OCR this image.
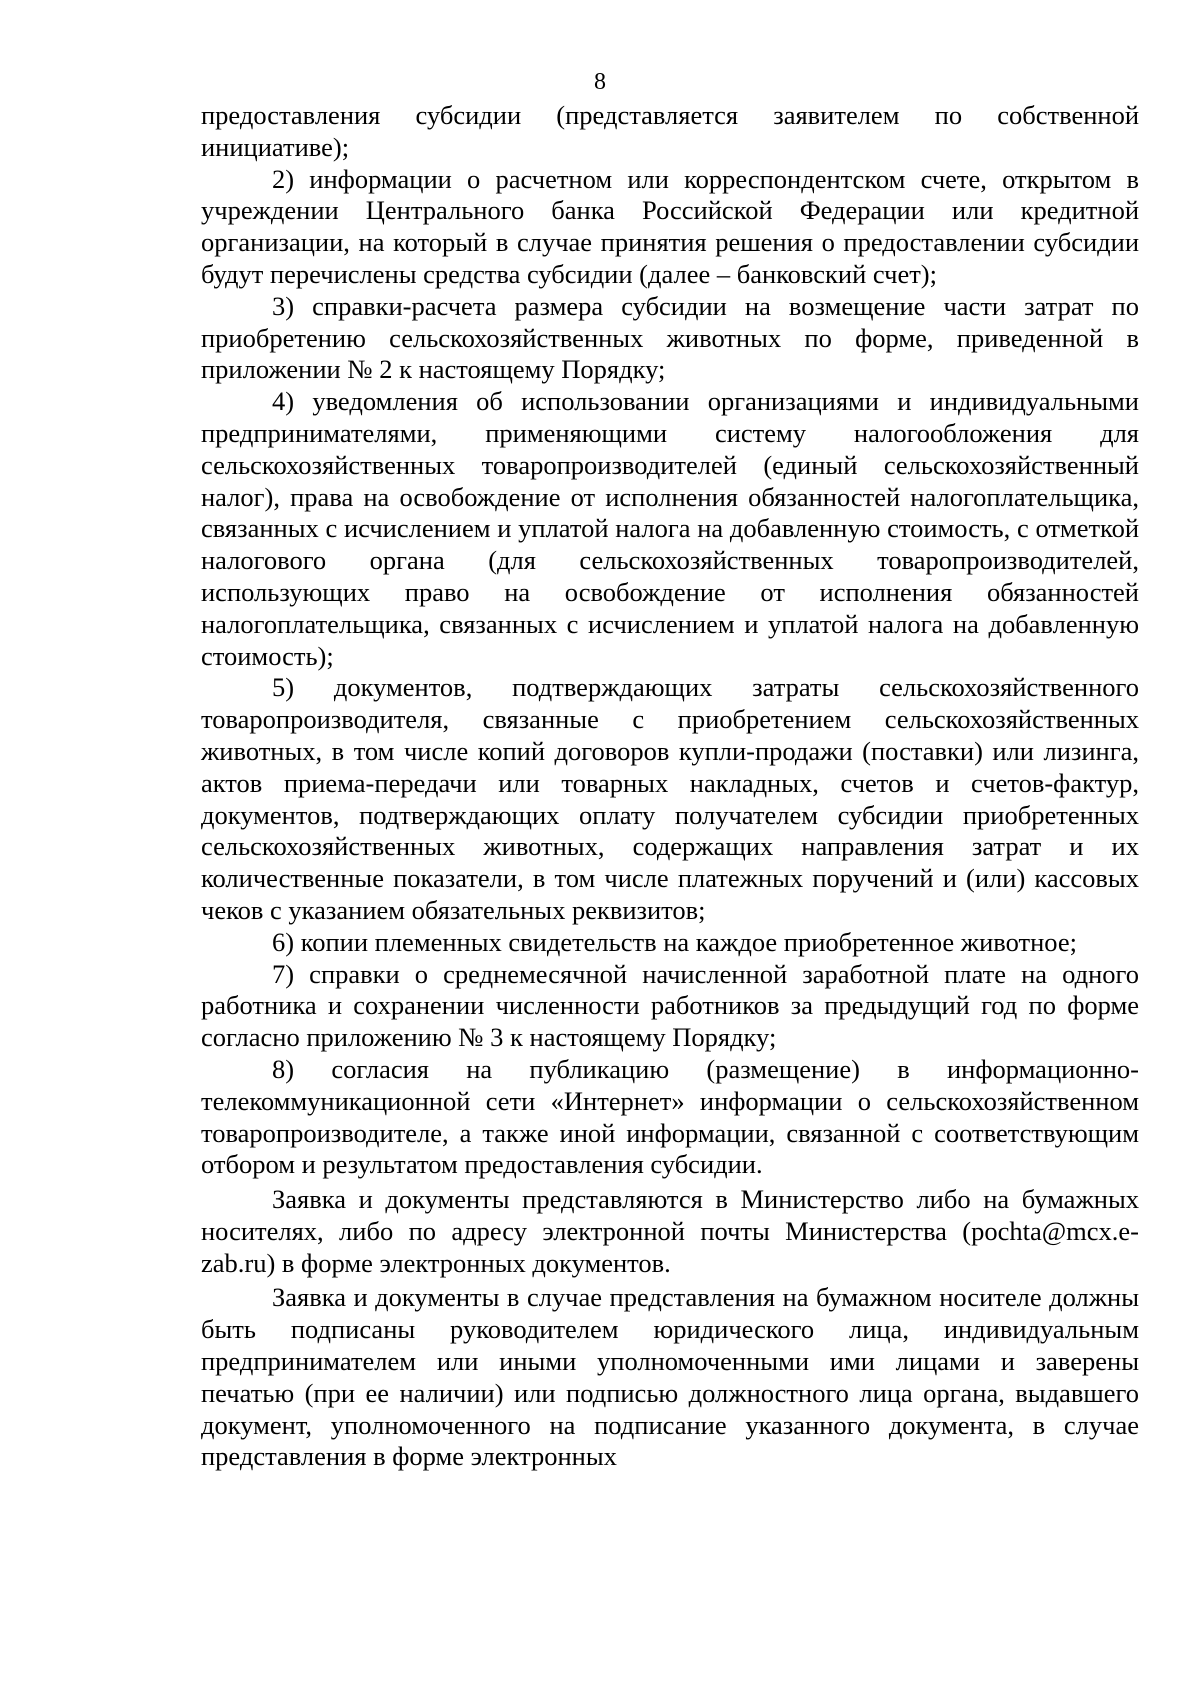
8

предоставления субсидии (представляется заявителем по собственной инициативе);

2) информации о расчетном или корреспондентском счете, открытом в учреждении Центрального банка Российской Федерации или кредитной организации, на который в случае принятия решения о предоставлении субсидии будут перечислены средства субсидии (далее – банковский счет);

3) справки-расчета размера субсидии на возмещение части затрат по приобретению сельскохозяйственных животных по форме, приведенной в приложении № 2 к настоящему Порядку;

4) уведомления об использовании организациями и индивидуальными предпринимателями, применяющими систему налогообложения для сельскохозяйственных товаропроизводителей (единый сельскохозяйственный налог), права на освобождение от исполнения обязанностей налогоплательщика, связанных с исчислением и уплатой налога на добавленную стоимость, с отметкой налогового органа (для сельскохозяйственных товаропроизводителей, использующих право на освобождение от исполнения обязанностей налогоплательщика, связанных с исчислением и уплатой налога на добавленную стоимость);

5) документов, подтверждающих затраты сельскохозяйственного товаропроизводителя, связанные с приобретением сельскохозяйственных животных, в том числе копий договоров купли-продажи (поставки) или лизинга, актов приема-передачи или товарных накладных, счетов и счетов-фактур, документов, подтверждающих оплату получателем субсидии приобретенных сельскохозяйственных животных, содержащих направления затрат и их количественные показатели, в том числе платежных поручений и (или) кассовых чеков с указанием обязательных реквизитов;

6) копии племенных свидетельств на каждое приобретенное животное;

7) справки о среднемесячной начисленной заработной плате на одного работника и сохранении численности работников за предыдущий год по форме согласно приложению № 3 к настоящему Порядку;

8) согласия на публикацию (размещение) в информационно-телекоммуникационной сети «Интернет» информации о сельскохозяйственном товаропроизводителе, а также иной информации, связанной с соответствующим отбором и результатом предоставления субсидии.

Заявка и документы представляются в Министерство либо на бумажных носителях, либо по адресу электронной почты Министерства (pochta@mcx.e-zab.ru) в форме электронных документов.

Заявка и документы в случае представления на бумажном носителе должны быть подписаны руководителем юридического лица, индивидуальным предпринимателем или иными уполномоченными ими лицами и заверены печатью (при ее наличии) или подписью должностного лица органа, выдавшего документ, уполномоченного на подписание указанного документа, в случае представления в форме электронных
